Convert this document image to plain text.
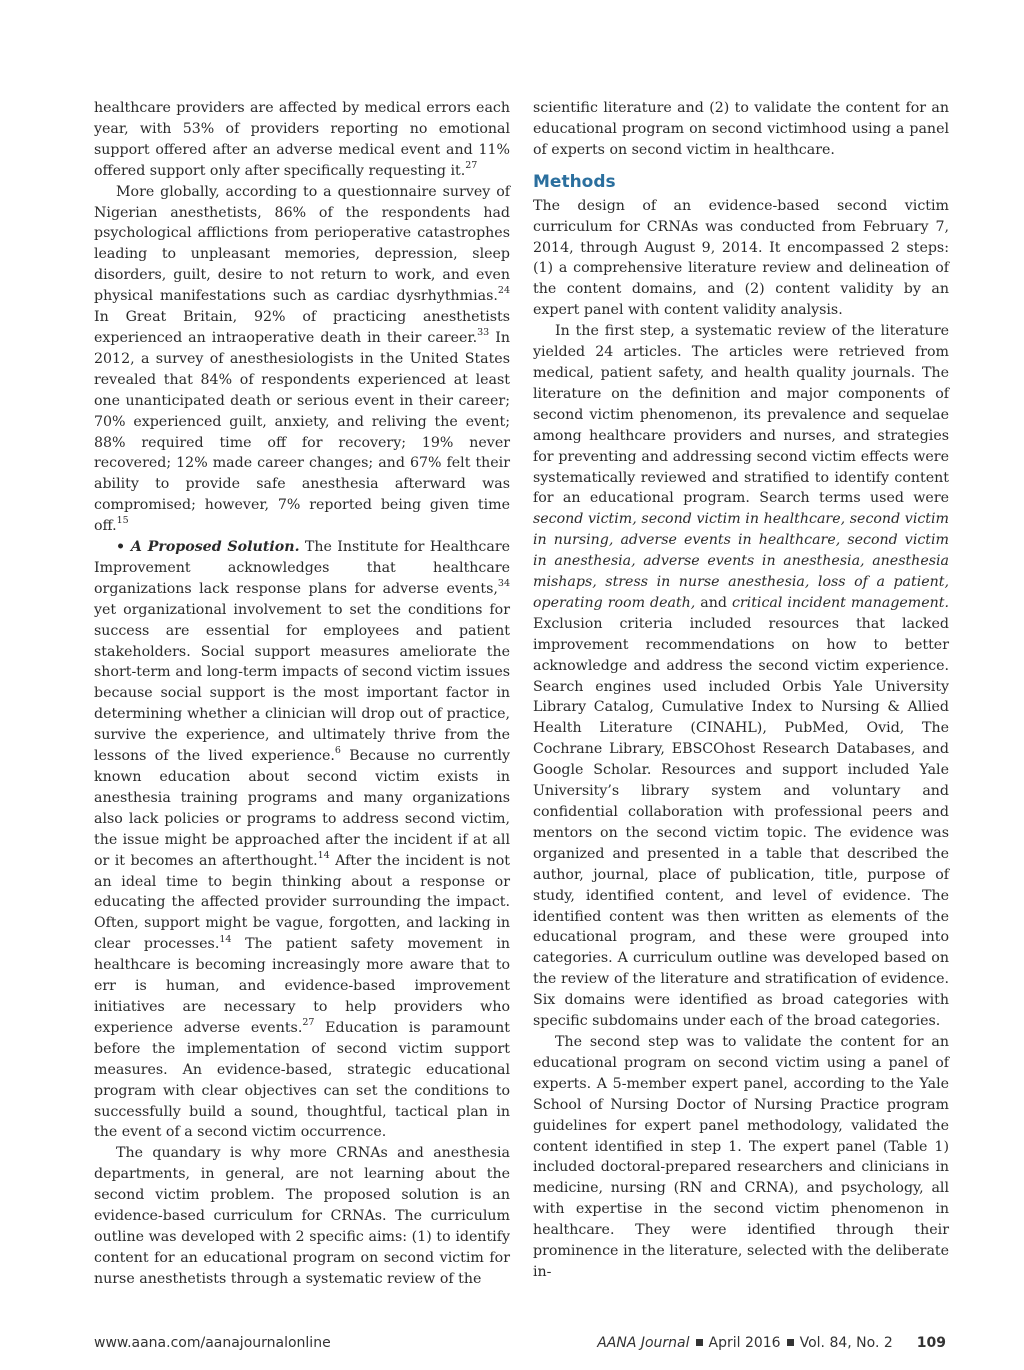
healthcare providers are affected by medical errors each year, with 53% of providers reporting no emotional support offered after an adverse medical event and 11% offered support only after specifically requesting it.$^{27}$

More globally, according to a questionnaire survey of Nigerian anesthetists, 86% of the respondents had psychological afflictions from perioperative catastrophes leading to unpleasant memories, depression, sleep disorders, guilt, desire to not return to work, and even physical manifestations such as cardiac dysrhythmias.$^{24}$ In Great Britain, 92% of practicing anesthetists experienced an intraoperative death in their career.$^{33}$ In 2012, a survey of anesthesiologists in the United States revealed that 84% of respondents experienced at least one unanticipated death or serious event in their career; 70% experienced guilt, anxiety, and reliving the event; 88% required time off for recovery; 19% never recovered; 12% made career changes; and 67% felt their ability to provide safe anesthesia afterward was compromised; however, 7% reported being given time off.$^{15}$

• A Proposed Solution. The Institute for Healthcare Improvement acknowledges that healthcare organizations lack response plans for adverse events,$^{34}$ yet organizational involvement to set the conditions for success are essential for employees and patient stakeholders. Social support measures ameliorate the short-term and long-term impacts of second victim issues because social support is the most important factor in determining whether a clinician will drop out of practice, survive the experience, and ultimately thrive from the lessons of the lived experience.$^6$ Because no currently known education about second victim exists in anesthesia training programs and many organizations also lack policies or programs to address second victim, the issue might be approached after the incident if at all or it becomes an afterthought.$^{14}$ After the incident is not an ideal time to begin thinking about a response or educating the affected provider surrounding the impact. Often, support might be vague, forgotten, and lacking in clear processes.$^{14}$ The patient safety movement in healthcare is becoming increasingly more aware that to err is human, and evidence-based improvement initiatives are necessary to help providers who experience adverse events.$^{27}$ Education is paramount before the implementation of second victim support measures. An evidence-based, strategic educational program with clear objectives can set the conditions to successfully build a sound, thoughtful, tactical plan in the event of a second victim occurrence.

The quandary is why more CRNAs and anesthesia departments, in general, are not learning about the second victim problem. The proposed solution is an evidence-based curriculum for CRNAs. The curriculum outline was developed with 2 specific aims: (1) to identify content for an educational program on second victim for nurse anesthetists through a systematic review of the

scientific literature and (2) to validate the content for an educational program on second victimhood using a panel of experts on second victim in healthcare.

Methods

The design of an evidence-based second victim curriculum for CRNAs was conducted from February 7, 2014, through August 9, 2014. It encompassed 2 steps: (1) a comprehensive literature review and delineation of the content domains, and (2) content validity by an expert panel with content validity analysis.

In the first step, a systematic review of the literature yielded 24 articles. The articles were retrieved from medical, patient safety, and health quality journals. The literature on the definition and major components of second victim phenomenon, its prevalence and sequelae among healthcare providers and nurses, and strategies for preventing and addressing second victim effects were systematically reviewed and stratified to identify content for an educational program. Search terms used were second victim, second victim in healthcare, second victim in nursing, adverse events in healthcare, second victim in anesthesia, adverse events in anesthesia, anesthesia mishaps, stress in nurse anesthesia, loss of a patient, operating room death, and critical incident management. Exclusion criteria included resources that lacked improvement recommendations on how to better acknowledge and address the second victim experience. Search engines used included Orbis Yale University Library Catalog, Cumulative Index to Nursing & Allied Health Literature (CINAHL), PubMed, Ovid, The Cochrane Library, EBSCOhost Research Databases, and Google Scholar. Resources and support included Yale University’s library system and voluntary and confidential collaboration with professional peers and mentors on the second victim topic. The evidence was organized and presented in a table that described the author, journal, place of publication, title, purpose of study, identified content, and level of evidence. The identified content was then written as elements of the educational program, and these were grouped into categories. A curriculum outline was developed based on the review of the literature and stratification of evidence. Six domains were identified as broad categories with specific subdomains under each of the broad categories.

The second step was to validate the content for an educational program on second victim using a panel of experts. A 5-member expert panel, according to the Yale School of Nursing Doctor of Nursing Practice program guidelines for expert panel methodology, validated the content identified in step 1. The expert panel (Table 1) included doctoral-prepared researchers and clinicians in medicine, nursing (RN and CRNA), and psychology, all with expertise in the second victim phenomenon in healthcare. They were identified through their prominence in the literature, selected with the deliberate in-

www.aana.com/aanajournalonline	AANA Journal April 2016 Vol. 84, No. 2 109
